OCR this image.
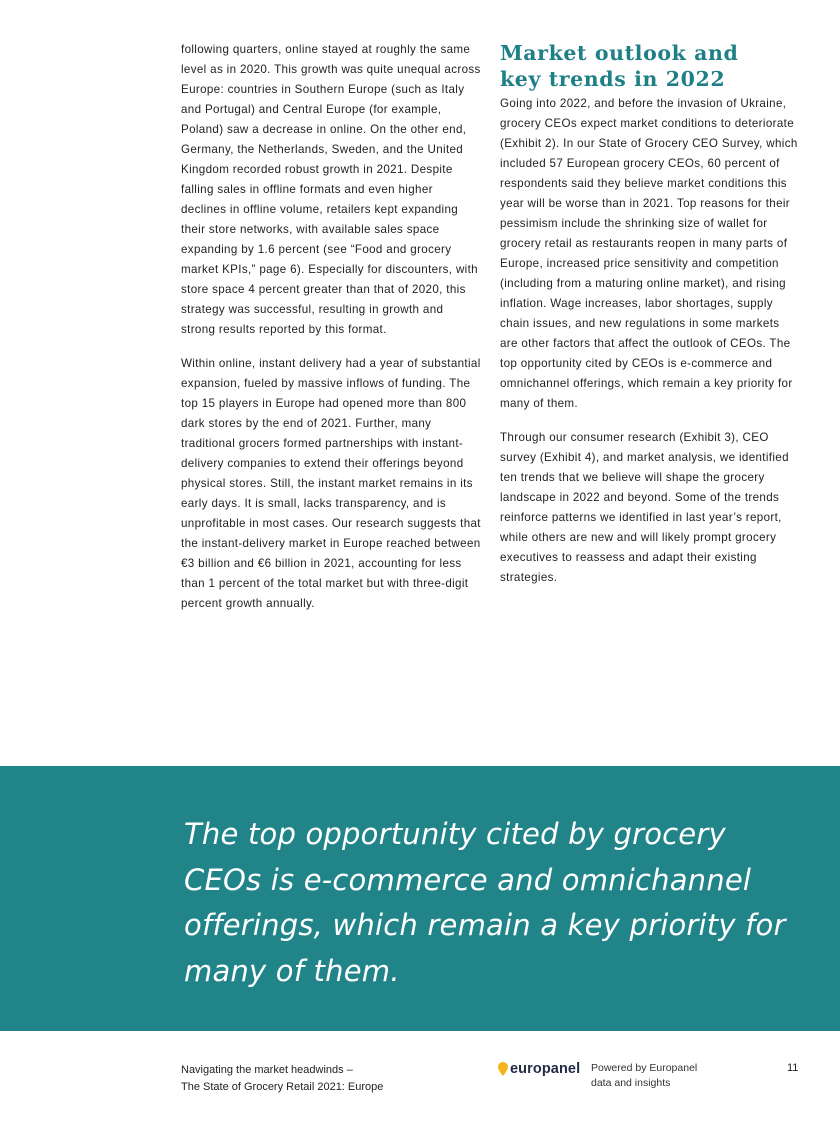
following quarters, online stayed at roughly the same level as in 2020. This growth was quite unequal across Europe: countries in Southern Europe (such as Italy and Portugal) and Central Europe (for example, Poland) saw a decrease in online. On the other end, Germany, the Netherlands, Sweden, and the United Kingdom recorded robust growth in 2021. Despite falling sales in offline formats and even higher declines in offline volume, retailers kept expanding their store networks, with available sales space expanding by 1.6 percent (see “Food and grocery market KPIs,” page 6). Especially for discounters, with store space 4 percent greater than that of 2020, this strategy was successful, resulting in growth and strong results reported by this format.

Within online, instant delivery had a year of substantial expansion, fueled by massive inflows of funding. The top 15 players in Europe had opened more than 800 dark stores by the end of 2021. Further, many traditional grocers formed partnerships with instant-delivery companies to extend their offerings beyond physical stores. Still, the instant market remains in its early days. It is small, lacks transparency, and is unprofitable in most cases. Our research suggests that the instant-delivery market in Europe reached between €3 billion and €6 billion in 2021, accounting for less than 1 percent of the total market but with three-digit percent growth annually.

Market outlook and
key trends in 2022

Going into 2022, and before the invasion of Ukraine, grocery CEOs expect market conditions to deteriorate (Exhibit 2). In our State of Grocery CEO Survey, which included 57 European grocery CEOs, 60 percent of respondents said they believe market conditions this year will be worse than in 2021. Top reasons for their pessimism include the shrinking size of wallet for grocery retail as restaurants reopen in many parts of Europe, increased price sensitivity and competition (including from a maturing online market), and rising inflation. Wage increases, labor shortages, supply chain issues, and new regulations in some markets are other factors that affect the outlook of CEOs. The top opportunity cited by CEOs is e-commerce and omnichannel offerings, which remain a key priority for many of them.

Through our consumer research (Exhibit 3), CEO survey (Exhibit 4), and market analysis, we identified ten trends that we believe will shape the grocery landscape in 2022 and beyond. Some of the trends reinforce patterns we identified in last year’s report, while others are new and will likely prompt grocery executives to reassess and adapt their existing strategies.

The top opportunity cited by grocery CEOs is e-commerce and omnichannel offerings, which remain a key priority for many of them.
Navigating the market headwinds –
The State of Grocery Retail 2021: Europe
europanel Powered by Europanel
data and insights
11
